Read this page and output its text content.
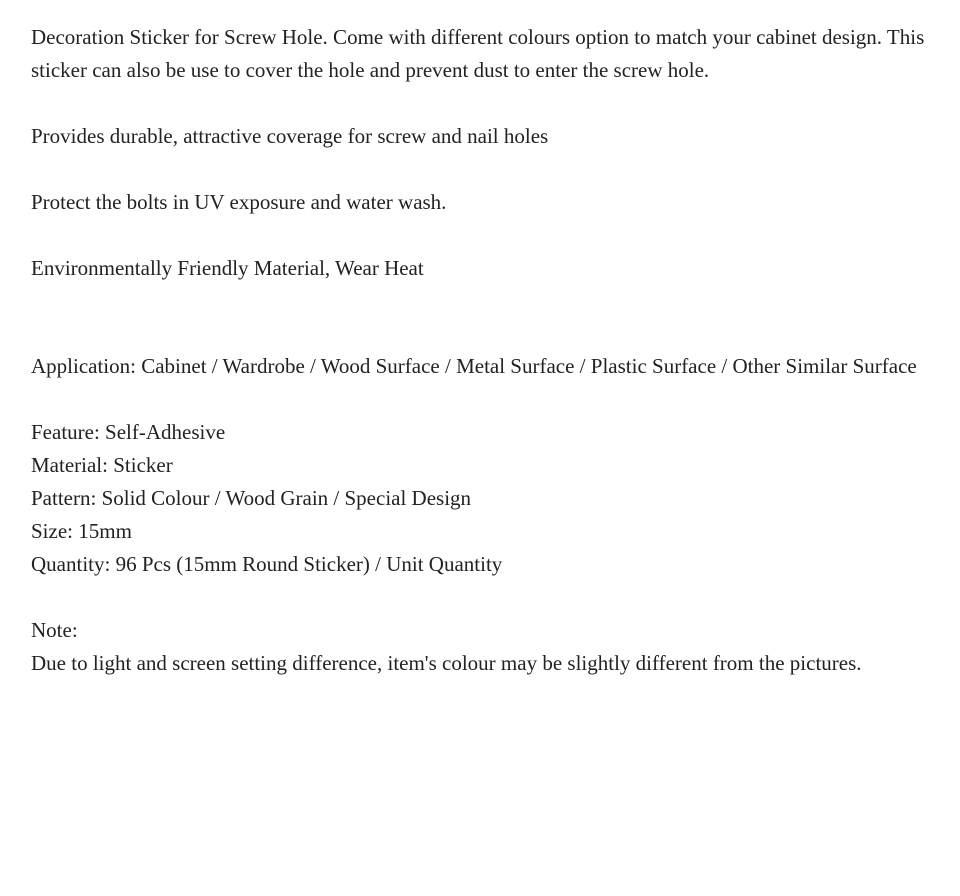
Decoration Sticker for Screw Hole. Come with different colours option to match your cabinet design. This sticker can also be use to cover the hole and prevent dust to enter the screw hole.

Provides durable, attractive coverage for screw and nail holes

Protect the bolts in UV exposure and water wash.

Environmentally Friendly Material, Wear Heat

Application: Cabinet / Wardrobe / Wood Surface / Metal Surface / Plastic Surface / Other Similar Surface

Feature: Self-Adhesive

Material: Sticker

Pattern: Solid Colour / Wood Grain / Special Design

Size: 15mm

Quantity: 96 Pcs (15mm Round Sticker) / Unit Quantity

Note:

Due to light and screen setting difference, item's colour may be slightly different from the pictures.
